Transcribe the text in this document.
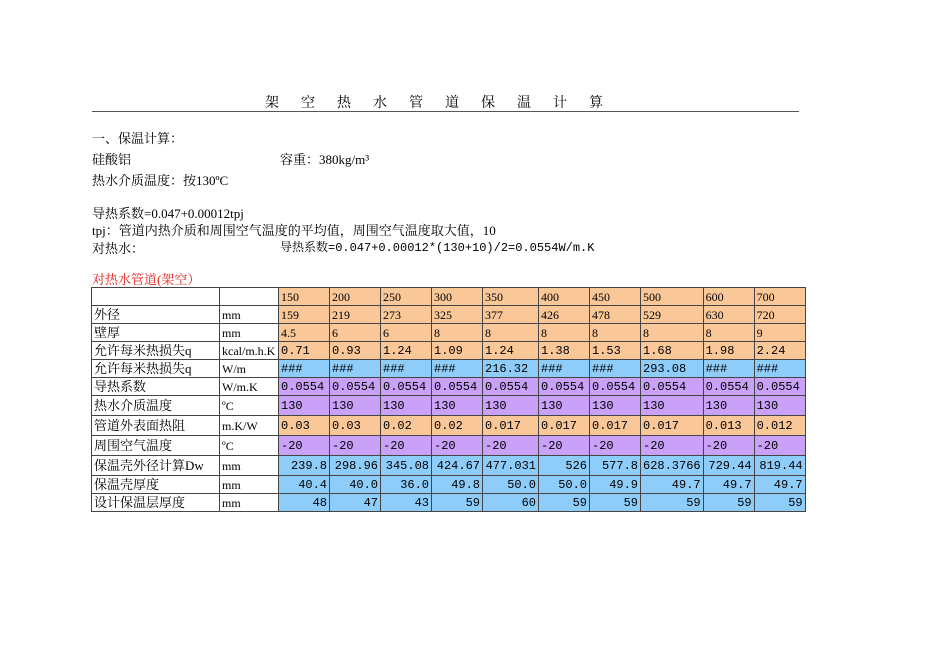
架空热水管道保温计算
一、保温计算：
硅酸铝	容重：380kg/m³
热水介质温度：按130ºC
导热系数=0.047+0.00012tpj
tpj：管道内热介质和周围空气温度的平均值，周围空气温度取大值，10
对热水：	导热系数=0.047+0.00012*(130+10)/2=0.0554W/m.K
对热水管道(架空）
		150	200	250	300	350	400	450	500	600	700
外径	mm	159	219	273	325	377	426	478	529	630	720
壁厚	mm	4.5	6	6	8	8	8	8	8	8	9
允许每米热损失q	kcal/m.h.K	0.71	0.93	1.24	1.09	1.24	1.38	1.53	1.68	1.98	2.24
允许每米热损失q	W/m	###	###	###	###	216.32	###	###	293.08	###	###
导热系数	W/m.K	0.0554	0.0554	0.0554	0.0554	0.0554	0.0554	0.0554	0.0554	0.0554	0.0554
热水介质温度	ºC	130	130	130	130	130	130	130	130	130	130
管道外表面热阻	m.K/W	0.03	0.03	0.02	0.02	0.017	0.017	0.017	0.017	0.013	0.012
周围空气温度	ºC	-20	-20	-20	-20	-20	-20	-20	-20	-20	-20
保温壳外径计算Dw	mm	239.8	298.96	345.08	424.67	477.031	526	577.8	628.3766	729.44	819.44
保温壳厚度	mm	40.4	40.0	36.0	49.8	50.0	50.0	49.9	49.7	49.7	49.7
设计保温层厚度	mm	48	47	43	59	60	59	59	59	59	59
